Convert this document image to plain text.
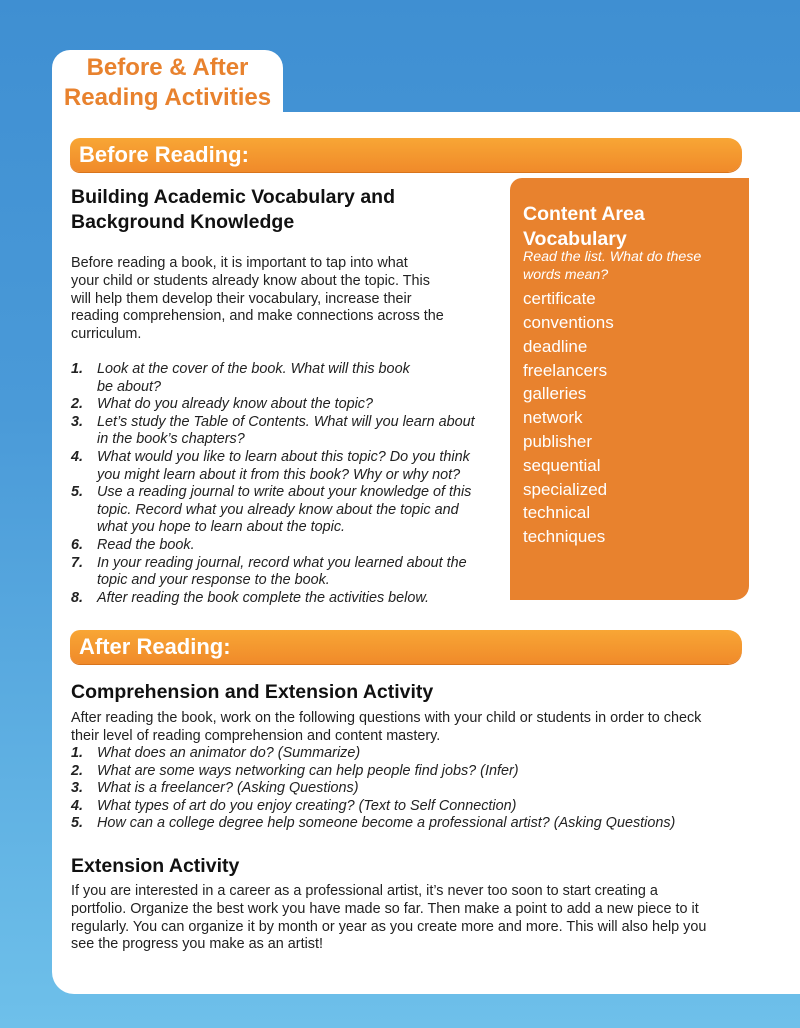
Before & After
Reading Activities
Before Reading:
Building Academic Vocabulary and
Background Knowledge

Before reading a book, it is important to tap into what
your child or students already know about the topic. This
will help them develop their vocabulary, increase their
reading comprehension, and make connections across the
curriculum.

1. Look at the cover of the book. What will this book
be about?
2. What do you already know about the topic?
3. Let’s study the Table of Contents. What will you learn about
in the book’s chapters?
4. What would you like to learn about this topic? Do you think
you might learn about it from this book? Why or why not?
5. Use a reading journal to write about your knowledge of this
topic. Record what you already know about the topic and
what you hope to learn about the topic.
6. Read the book.
7. In your reading journal, record what you learned about the
topic and your response to the book.
8. After reading the book complete the activities below.
Content Area
Vocabulary
Read the list. What do these
words mean?
certificate
conventions
deadline
freelancers
galleries
network
publisher
sequential
specialized
technical
techniques
After Reading:
Comprehension and Extension Activity

After reading the book, work on the following questions with your child or students in order to check
their level of reading comprehension and content mastery.

1. What does an animator do? (Summarize)
2. What are some ways networking can help people find jobs? (Infer)
3. What is a freelancer? (Asking Questions)
4. What types of art do you enjoy creating? (Text to Self Connection)
5. How can a college degree help someone become a professional artist? (Asking Questions)
Extension Activity

If you are interested in a career as a professional artist, it’s never too soon to start creating a
portfolio. Organize the best work you have made so far. Then make a point to add a new piece to it
regularly. You can organize it by month or year as you create more and more. This will also help you
see the progress you make as an artist!
